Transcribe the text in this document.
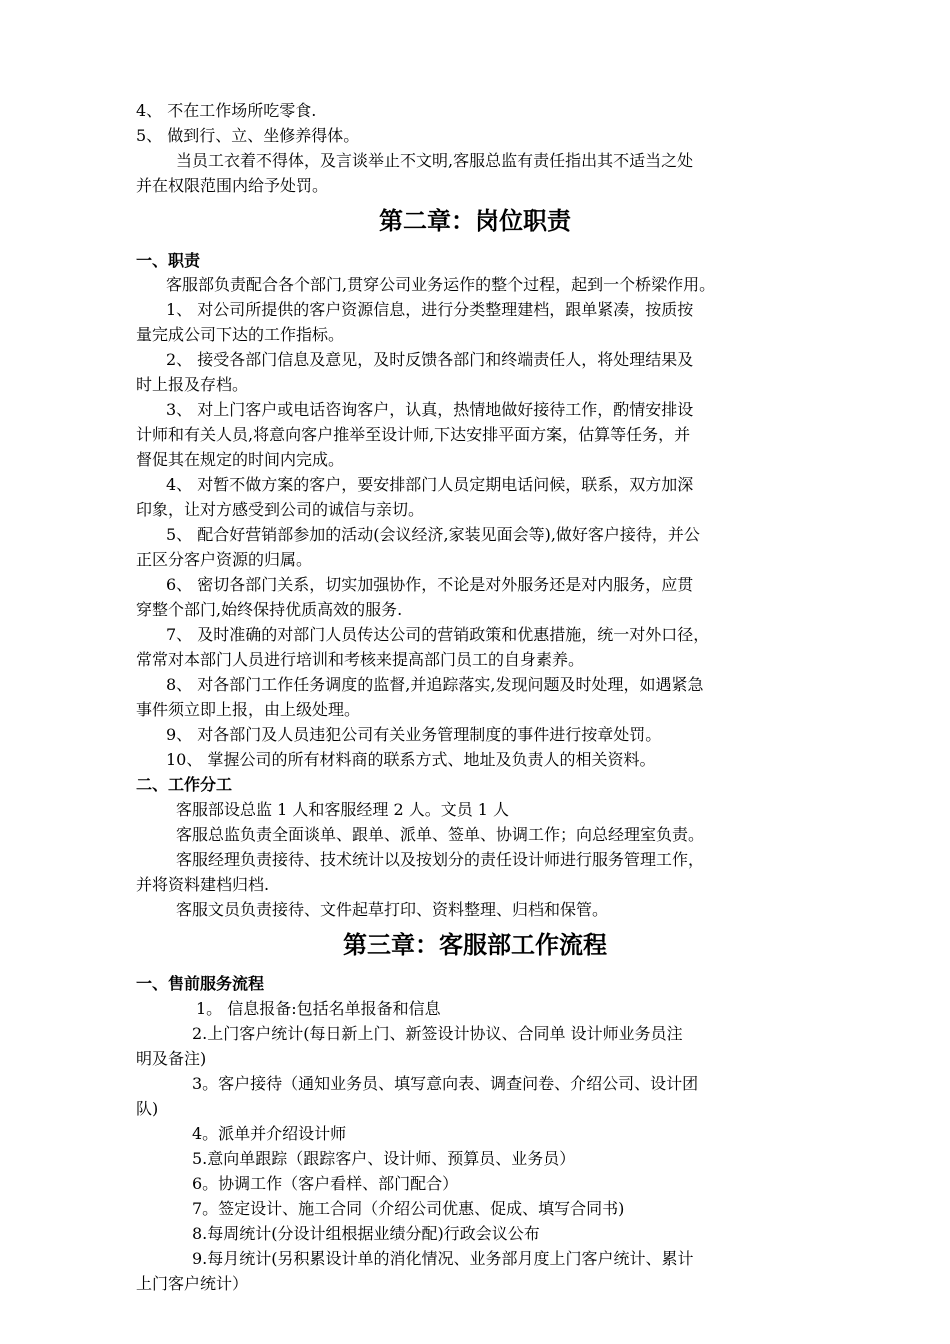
4、 不在工作场所吃零食.
5、 做到行、立、坐修养得体。
当员工衣着不得体，及言谈举止不文明,客服总监有责任指出其不适当之处
并在权限范围内给予处罚。
第二章：岗位职责
一、职责
客服部负责配合各个部门,贯穿公司业务运作的整个过程，起到一个桥梁作用。
1、 对公司所提供的客户资源信息，进行分类整理建档，跟单紧凑，按质按
量完成公司下达的工作指标。
2、 接受各部门信息及意见，及时反馈各部门和终端责任人，将处理结果及
时上报及存档。
3、 对上门客户或电话咨询客户，认真，热情地做好接待工作，酌情安排设
计师和有关人员,将意向客户推举至设计师,下达安排平面方案，估算等任务，并
督促其在规定的时间内完成。
4、 对暂不做方案的客户，要安排部门人员定期电话问候，联系，双方加深
印象，让对方感受到公司的诚信与亲切。
5、 配合好营销部参加的活动(会议经济,家装见面会等),做好客户接待，并公
正区分客户资源的归属。
6、 密切各部门关系，切实加强协作，不论是对外服务还是对内服务，应贯
穿整个部门,始终保持优质高效的服务.
7、 及时准确的对部门人员传达公司的营销政策和优惠措施，统一对外口径，
常常对本部门人员进行培训和考核来提高部门员工的自身素养。
8、 对各部门工作任务调度的监督,并追踪落实,发现问题及时处理，如遇紧急
事件须立即上报，由上级处理。
9、 对各部门及人员违犯公司有关业务管理制度的事件进行按章处罚。
10、 掌握公司的所有材料商的联系方式、地址及负责人的相关资料。
二、工作分工
客服部设总监 1 人和客服经理 2 人。文员 1 人
客服总监负责全面谈单、跟单、派单、签单、协调工作；向总经理室负责。
客服经理负责接待、技术统计以及按划分的责任设计师进行服务管理工作，
并将资料建档归档.
客服文员负责接待、文件起草打印、资料整理、归档和保管。
第三章：客服部工作流程
一、售前服务流程
1。 信息报备:包括名单报备和信息
2.上门客户统计(每日新上门、新签设计协议、合同单 设计师业务员注
明及备注)
3。客户接待（通知业务员、填写意向表、调查问卷、介绍公司、设计团
队)
4。派单并介绍设计师
5.意向单跟踪（跟踪客户、设计师、预算员、业务员）
6。协调工作（客户看样、部门配合）
7。签定设计、施工合同（介绍公司优惠、促成、填写合同书)
8.每周统计(分设计组根据业绩分配)行政会议公布
9.每月统计(另积累设计单的消化情况、业务部月度上门客户统计、累计
上门客户统计）
